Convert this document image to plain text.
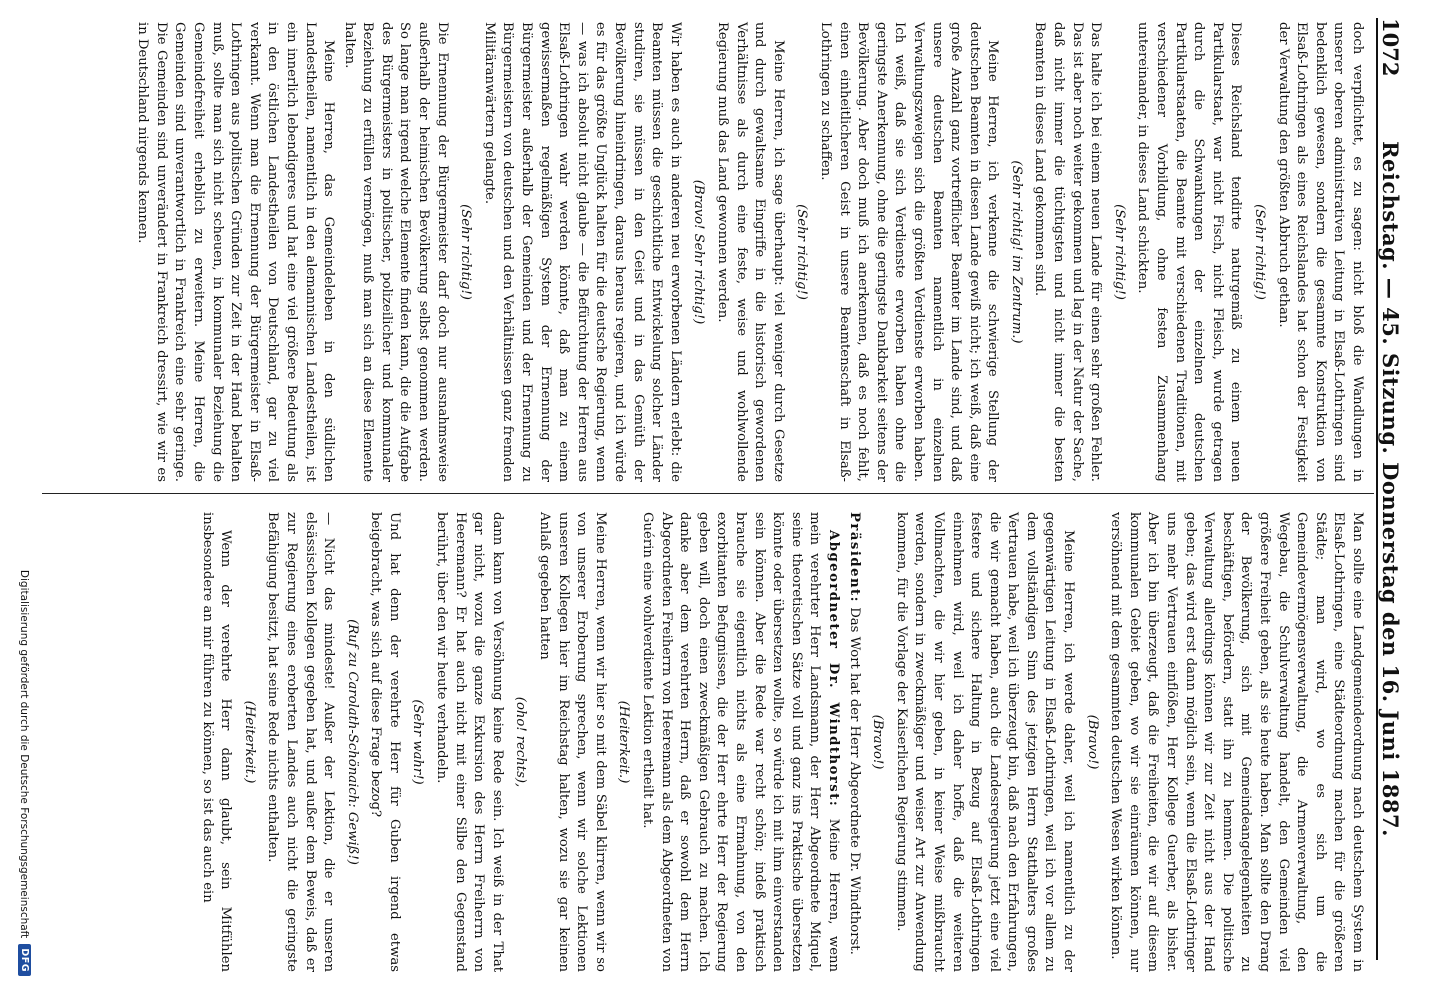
1072
Reichstag. — 45. Sitzung. Donnerstag den 16. Juni 1887.

doch verpflichtet, es zu sagen: nicht bloß die Wandlungen in unserer oberen administrativen Leitung in Elsaß-Lothringen sind bedenklich gewesen, sondern die gesammte Konstruktion von Elsaß-Lothringen als eines Reichslandes hat schon der Festigkeit der Verwaltung den größten Abbruch gethan.

(Sehr richtig!)

Dieses Reichsland tendirte naturgemäß zu einem neuen Partikularstaat, war nicht Fisch, nicht Fleisch, wurde getragen durch die Schwankungen der einzelnen deutschen Partikularstaaten, die Beamte mit verschiedenen Traditionen, mit verschiedener Vorbildung, ohne festen Zusammenhang untereinander, in dieses Land schickten.

(Sehr richtig!)

Das halte ich bei einem neuen Lande für einen sehr großen Fehler. Das ist aber noch weiter gekommen und lag in der Natur der Sache, daß nicht immer die tüchtigsten und nicht immer die besten Beamten in dieses Land gekommen sind.

(Sehr richtig! im Zentrum.)

Meine Herren, ich verkenne die schwierige Stellung der deutschen Beamten in diesen Lande gewiß nicht; ich weiß, daß eine große Anzahl ganz vortrefflicher Beamter im Lande sind, und daß unsere deutschen Beamten namentlich in einzelnen Verwaltungszweigen sich die größten Verdienste erworben haben. Ich weiß, daß sie sich Verdienste erworben haben ohne die geringste Anerkennung, ohne die geringste Dankbarkeit seitens der Bevölkerung. Aber doch muß ich anerkennen, daß es noch fehlt, einen einheitlicheren Geist in unsere Beamtenschaft in Elsaß-Lothringen zu schaffen.

(Sehr richtig!)

Meine Herren, ich sage überhaupt: viel weniger durch Gesetze und durch gewaltsame Eingriffe in die historisch gewordenen Verhältnisse als durch eine feste, weise und wohlwollende Regierung muß das Land gewonnen werden.

(Bravo! Sehr richtig!)

Wir haben es auch in anderen neu erworbenen Ländern erlebt: die Beamten müssen die geschichtliche Entwickelung solcher Länder studiren, sie müssen in den Geist und in das Gemüth der Bevölkerung hineindringen, daraus heraus regieren, und ich würde es für das größte Unglück halten für die deutsche Regierung, wenn — was ich absolut nicht glaube — die Befürchtung der Herren aus Elsaß-Lothringen wahr werden könnte, daß man zu einem gewissermaßen regelmäßigen System der Ernennung der Bürgermeister außerhalb der Gemeinden und der Ernennung zu Bürgermeistern von deutschen und den Verhältnissen ganz fremden Militäranwärtern gelangte.

(Sehr richtig!)

Die Ernennung der Bürgermeister darf doch nur ausnahmsweise außerhalb der heimischen Bevölkerung selbst genommen werden. So lange man irgend welche Elemente finden kann, die die Aufgabe des Bürgermeisters in politischer, polizeilicher und kommunaler Beziehung zu erfüllen vermögen, muß man sich an diese Elemente halten.

Meine Herren, das Gemeindeleben in den südlichen Landestheilen, namentlich in den alemannischen Landestheilen, ist ein innerlich lebendigeres und hat eine viel größere Bedeutung als in den östlichen Landestheilen von Deutschland, gar zu viel verkannt. Wenn man die Ernennung der Bürgermeister in Elsaß-Lothringen aus politischen Gründen zur Zeit in der Hand behalten muß, sollte man sich nicht scheuen, in kommunaler Beziehung die Gemeindefreiheit erheblich zu erweitern. Meine Herren, die Gemeinden sind unverantwortlich in Frankreich eine sehr geringe. Die Gemeinden sind unverändert in Frankreich dressirt, wie wir es in Deutschland nirgends kennen.

Man sollte eine Landgemeindeordnung nach deutschem System in Elsaß-Lothringen, eine Städteordnung machen für die größeren Städte; man wird, wo es sich um die Gemeindevermögensverwaltung, die Armenverwaltung, den Wegebau, die Schulverwaltung handelt, den Gemeinden viel größere Freiheit geben, als sie heute haben. Man sollte den Drang der Bevölkerung, sich mit Gemeindeangelegenheiten zu beschäftigen, befördern, statt ihn zu hemmen. Die politische Verwaltung allerdings können wir zur Zeit nicht aus der Hand geben; das wird erst dann möglich sein, wenn die Elsaß-Lothringer uns mehr Vertrauen einflößen, Herr Kollege Guerber, als bisher. Aber ich bin überzeugt, daß die Freiheiten, die wir auf diesem kommunalen Gebiet geben, wo wir sie einräumen können, nur versöhnend mit dem gesammten deutschen Wesen wirken können.

(Bravo!)

Meine Herren, ich werde daher, weil ich namentlich zu der gegenwärtigen Leitung in Elsaß-Lothringen, weil ich vor allem zu dem vollständigen Sinn des jetzigen Herrn Statthalters großes Vertrauen habe, weil ich überzeugt bin, daß nach den Erfahrungen, die wir gemacht haben, auch die Landesregierung jetzt eine viel festere und sichere Haltung in Bezug auf Elsaß-Lothringen einnehmen wird, weil ich daher hoffe, daß die weiteren Vollmachten, die wir hier geben, in keiner Weise mißbraucht werden, sondern in zweckmäßiger und weiser Art zur Anwendung kommen, für die Vorlage der Kaiserlichen Regierung stimmen.

(Bravo!)

Präsident: Das Wort hat der Herr Abgeordnete Dr. Windthorst.

Abgeordneter Dr. Windthorst: Meine Herren, wenn mein verehrter Herr Landsmann, der Herr Abgeordnete Miquel, seine theoretischen Sätze voll und ganz ins Praktische übersetzen könnte oder übersetzen wollte, so würde ich mit ihm einverstanden sein können. Aber die Rede war recht schön; indeß praktisch brauche sie eigentlich nichts als eine Ermahnung, von den exorbitanten Befugnissen, die der Herr ehrte Herr der Regierung geben will, doch einen zweckmäßigen Gebrauch zu machen. Ich danke aber dem verehrten Herrn, daß er sowohl dem Herrn Abgeordneten Freiherrn von Heeremann als dem Abgeordneten von Guérin eine wohlverdiente Lektion ertheilt hat.

(Heiterkeit.)

Meine Herren, wenn wir hier so mit dem Säbel klirren, wenn wir so von unserer Eroberung sprechen, wenn wir solche Lektionen unseren Kollegen hier im Reichstag halten, wozu sie gar keinen Anlaß gegeben hatten

(oho! rechts),

dann kann von Versöhnung keine Rede sein. Ich weiß in der That gar nicht, wozu die ganze Exkursion des Herrn Freiherrn von Heeremann? Er hat auch nicht mit einer Silbe den Gegenstand berührt, über den wir heute verhandeln.

(Sehr wahr!)

Und hat denn der verehrte Herr für Guben irgend etwas beigebracht, was sich auf diese Frage bezog?

(Ruf zu Carolath-Schönaich: Gewiß!)

— Nicht das mindeste! Außer der Lektion, die er unseren elsässischen Kollegen gegeben hat, und außer dem Beweis, daß er zur Regierung eines eroberten Landes auch nicht die geringste Befähigung besitzt, hat seine Rede nichts enthalten.

(Heiterkeit.)

Wenn der verehrte Herr dann glaubt, sein Mitfühlen insbesondere an mir führen zu können, so ist das auch ein

Digitalisierung gefördert durch die Deutsche Forschungsgemeinschaft
DFG
